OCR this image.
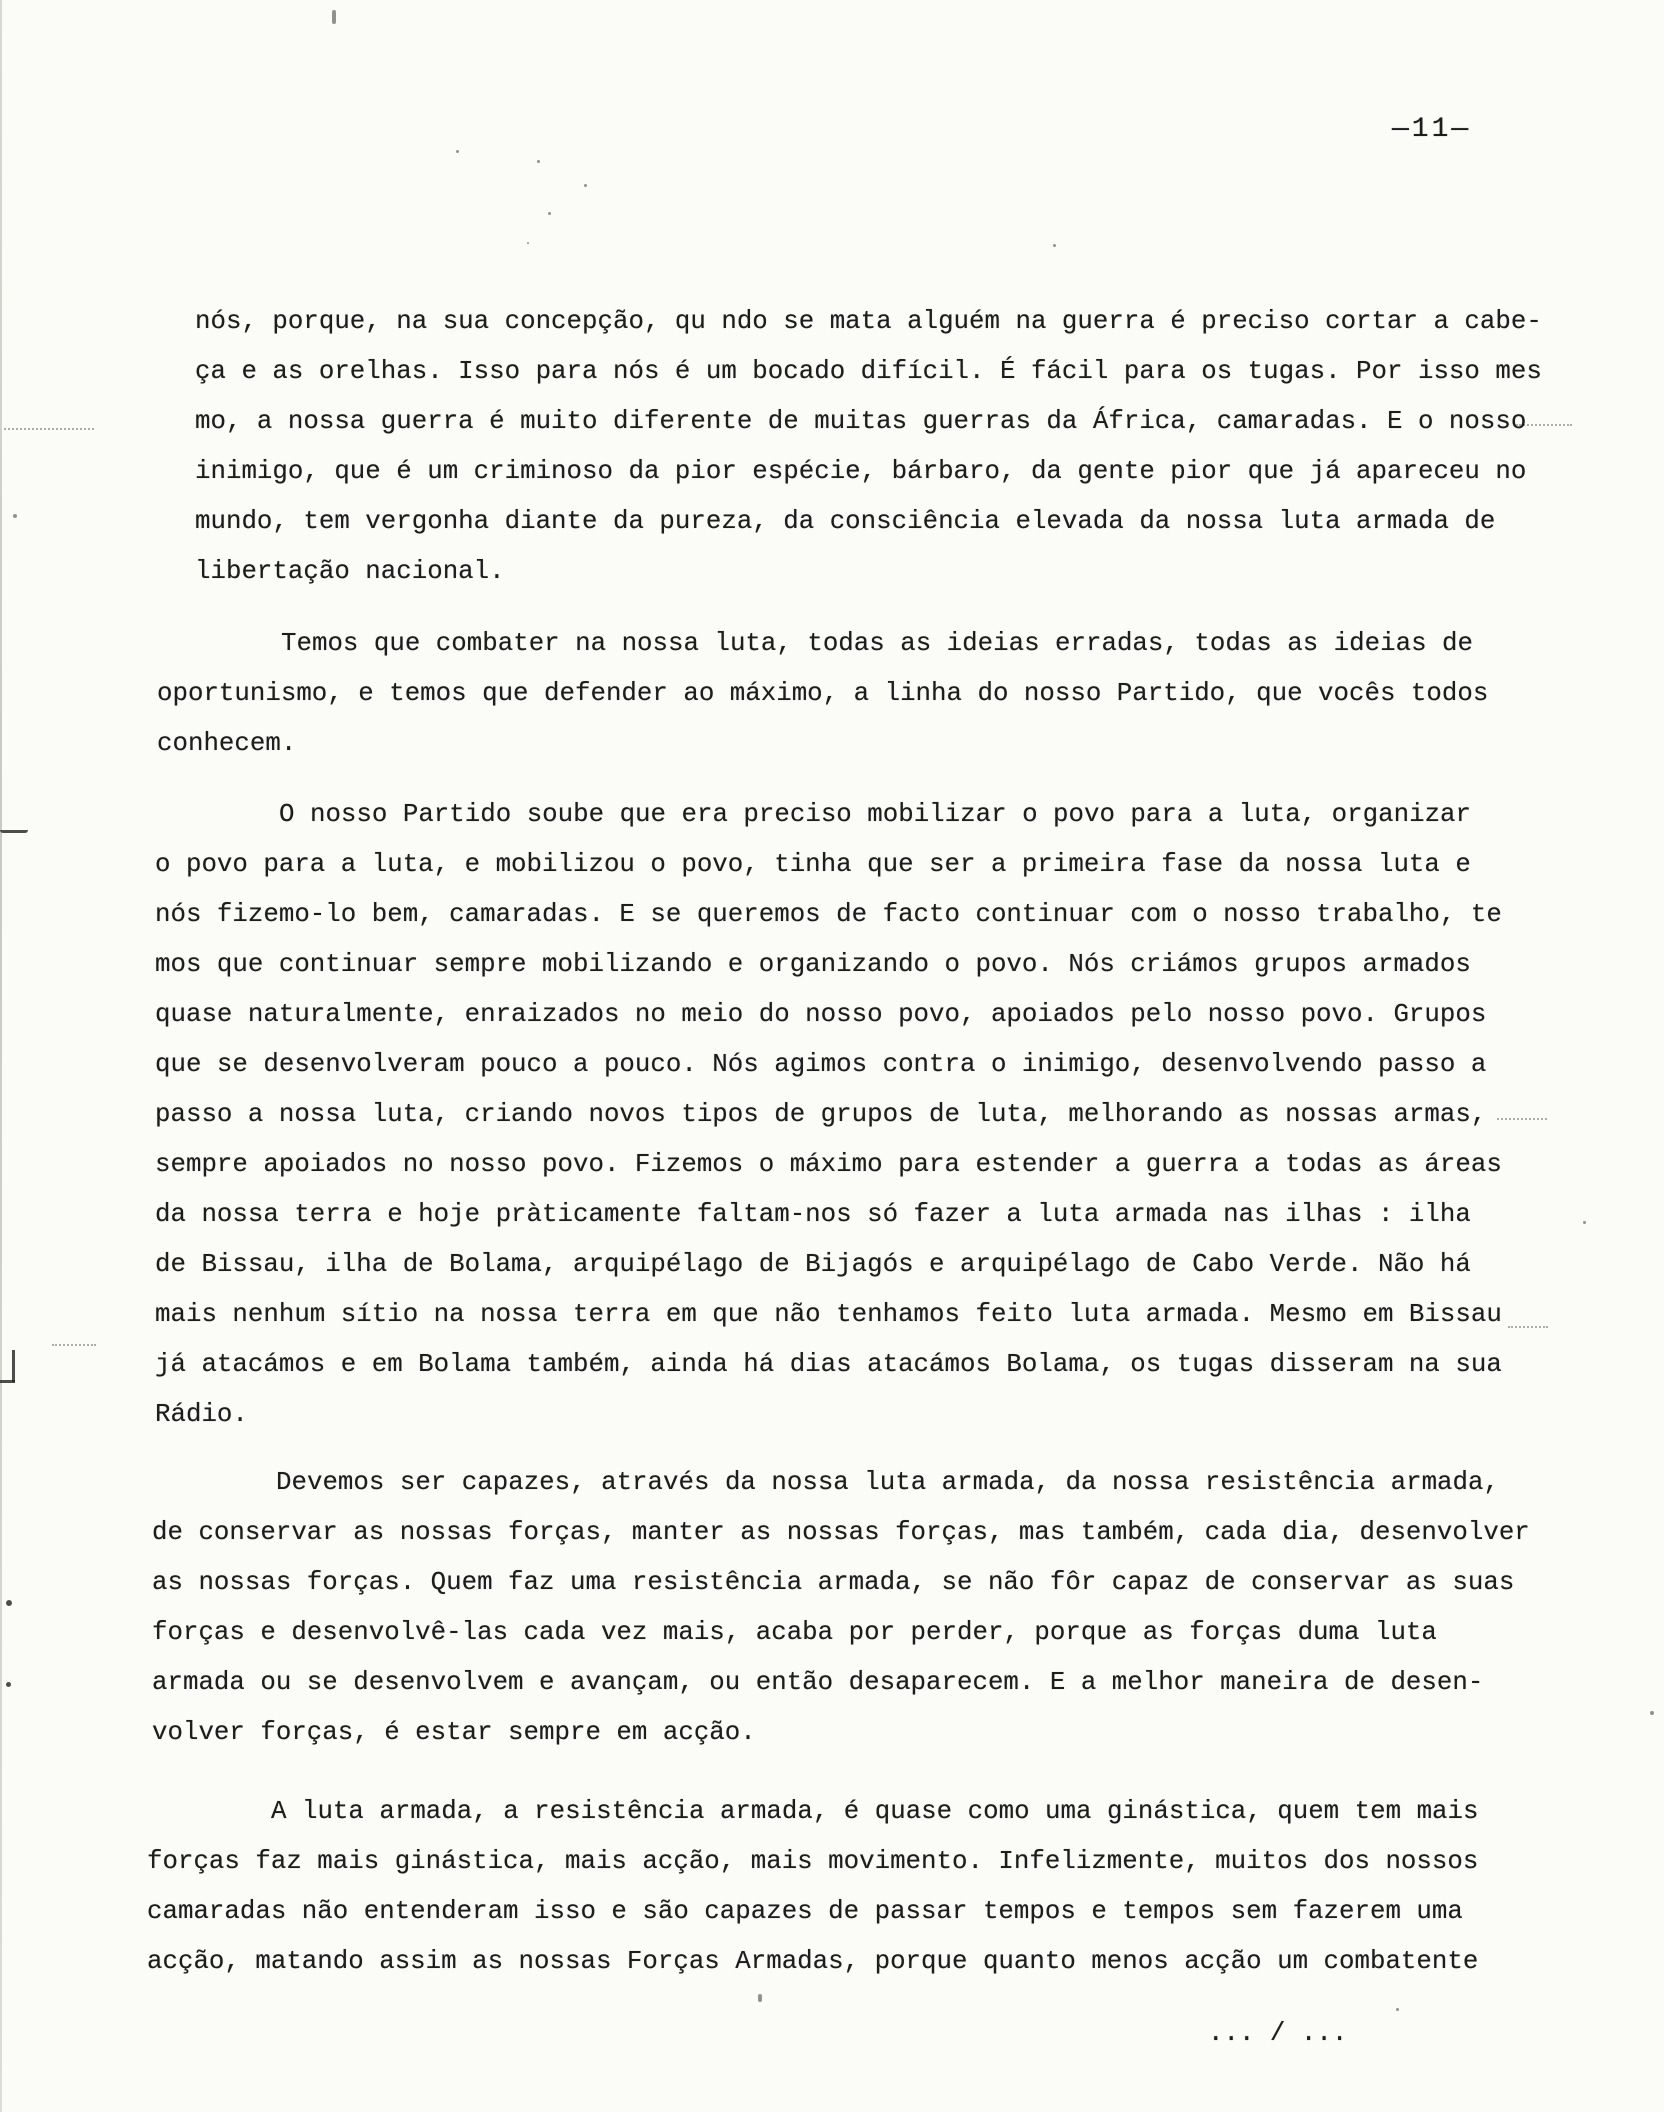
—11—
nós, porque, na sua concepção, qu ndo se mata alguém na guerra é preciso cortar a cabe-
ça e as orelhas. Isso para nós é um bocado difícil. É fácil para os tugas. Por isso mes
mo, a nossa guerra é muito diferente de muitas guerras da África, camaradas. E o nosso
inimigo, que é um criminoso da pior espécie, bárbaro, da gente pior que já apareceu no
mundo, tem vergonha diante da pureza, da consciência elevada da nossa luta armada de
libertação nacional.
Temos que combater na nossa luta, todas as ideias erradas, todas as ideias de
oportunismo, e temos que defender ao máximo, a linha do nosso Partido, que vocês todos
conhecem.
O nosso Partido soube que era preciso mobilizar o povo para a luta, organizar
o povo para a luta, e mobilizou o povo, tinha que ser a primeira fase da nossa luta e
nós fizemo-lo bem, camaradas. E se queremos de facto continuar com o nosso trabalho, te
mos que continuar sempre mobilizando e organizando o povo. Nós criámos grupos armados
quase naturalmente, enraizados no meio do nosso povo, apoiados pelo nosso povo. Grupos
que se desenvolveram pouco a pouco. Nós agimos contra o inimigo, desenvolvendo passo a
passo a nossa luta, criando novos tipos de grupos de luta, melhorando as nossas armas,
sempre apoiados no nosso povo. Fizemos o máximo para estender a guerra a todas as áreas
da nossa terra e hoje pràticamente faltam-nos só fazer a luta armada nas ilhas : ilha
de Bissau, ilha de Bolama, arquipélago de Bijagós e arquipélago de Cabo Verde. Não há
mais nenhum sítio na nossa terra em que não tenhamos feito luta armada. Mesmo em Bissau
já atacámos e em Bolama também, ainda há dias atacámos Bolama, os tugas disseram na sua
Rádio.
Devemos ser capazes, através da nossa luta armada, da nossa resistência armada,
de conservar as nossas forças, manter as nossas forças, mas também, cada dia, desenvolver
as nossas forças. Quem faz uma resistência armada, se não fôr capaz de conservar as suas
forças e desenvolvê-las cada vez mais, acaba por perder, porque as forças duma luta
armada ou se desenvolvem e avançam, ou então desaparecem. E a melhor maneira de desen-
volver forças, é estar sempre em acção.
A luta armada, a resistência armada, é quase como uma ginástica, quem tem mais
forças faz mais ginástica, mais acção, mais movimento. Infelizmente, muitos dos nossos
camaradas não entenderam isso e são capazes de passar tempos e tempos sem fazerem uma
acção, matando assim as nossas Forças Armadas, porque quanto menos acção um combatente
... / ...
